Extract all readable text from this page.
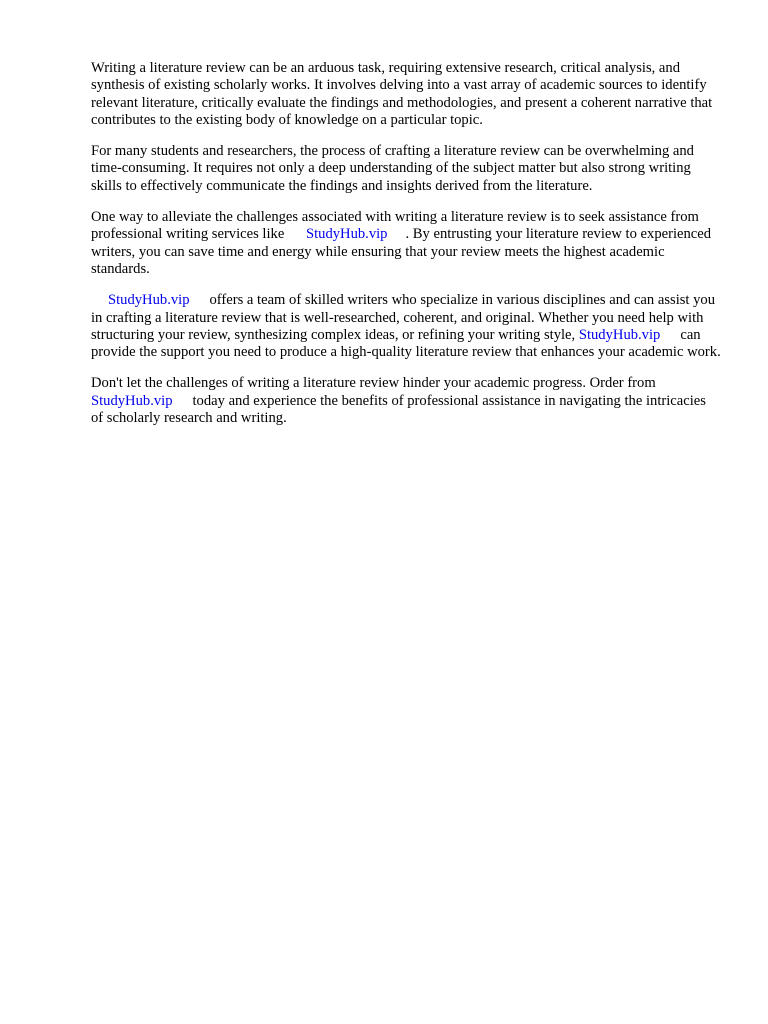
Writing a literature review can be an arduous task, requiring extensive research, critical analysis, and synthesis of existing scholarly works. It involves delving into a vast array of academic sources to identify relevant literature, critically evaluate the findings and methodologies, and present a coherent narrative that contributes to the existing body of knowledge on a particular topic.

For many students and researchers, the process of crafting a literature review can be overwhelming and time-consuming. It requires not only a deep understanding of the subject matter but also strong writing skills to effectively communicate the findings and insights derived from the literature.

One way to alleviate the challenges associated with writing a literature review is to seek assistance from professional writing services like StudyHub.vip . By entrusting your literature review to experienced writers, you can save time and energy while ensuring that your review meets the highest academic standards.

StudyHub.vip offers a team of skilled writers who specialize in various disciplines and can assist you in crafting a literature review that is well-researched, coherent, and original. Whether you need help with structuring your review, synthesizing complex ideas, or refining your writing style, StudyHub.vip can provide the support you need to produce a high-quality literature review that enhances your academic work.

Don't let the challenges of writing a literature review hinder your academic progress. Order from StudyHub.vip today and experience the benefits of professional assistance in navigating the intricacies of scholarly research and writing.
